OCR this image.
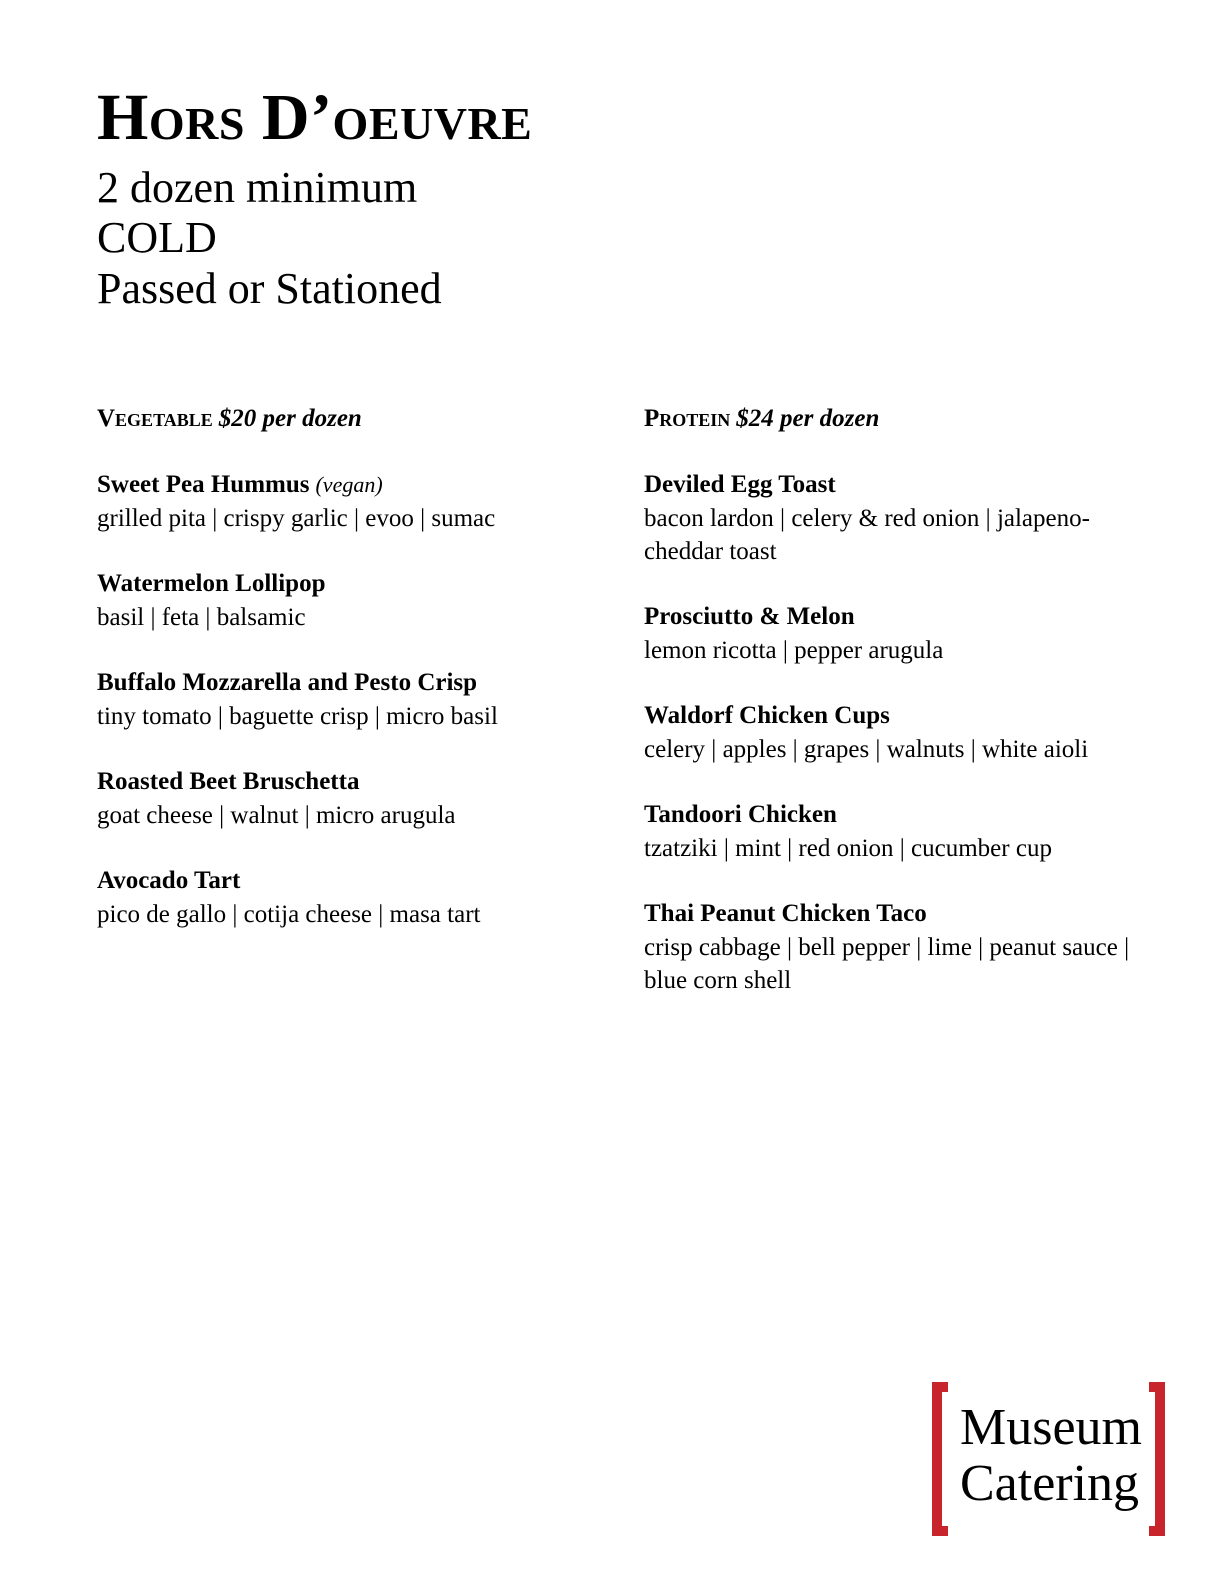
Hors D’oeuvre
2 dozen minimum
COLD
Passed or Stationed
Vegetable $20 per dozen
Sweet Pea Hummus (vegan)
grilled pita | crispy garlic | evoo | sumac
Watermelon Lollipop
basil | feta | balsamic
Buffalo Mozzarella and Pesto Crisp
tiny tomato | baguette crisp | micro basil
Roasted Beet Bruschetta
goat cheese | walnut | micro arugula
Avocado Tart
pico de gallo | cotija cheese | masa tart
Protein $24 per dozen
Deviled Egg Toast
bacon lardon | celery & red onion | jalapeno-
cheddar toast
Prosciutto & Melon
lemon ricotta | pepper arugula
Waldorf Chicken Cups
celery | apples | grapes | walnuts | white aioli
Tandoori Chicken
tzatziki | mint | red onion | cucumber cup
Thai Peanut Chicken Taco
crisp cabbage | bell pepper | lime | peanut sauce |
blue corn shell
Museum
Catering
